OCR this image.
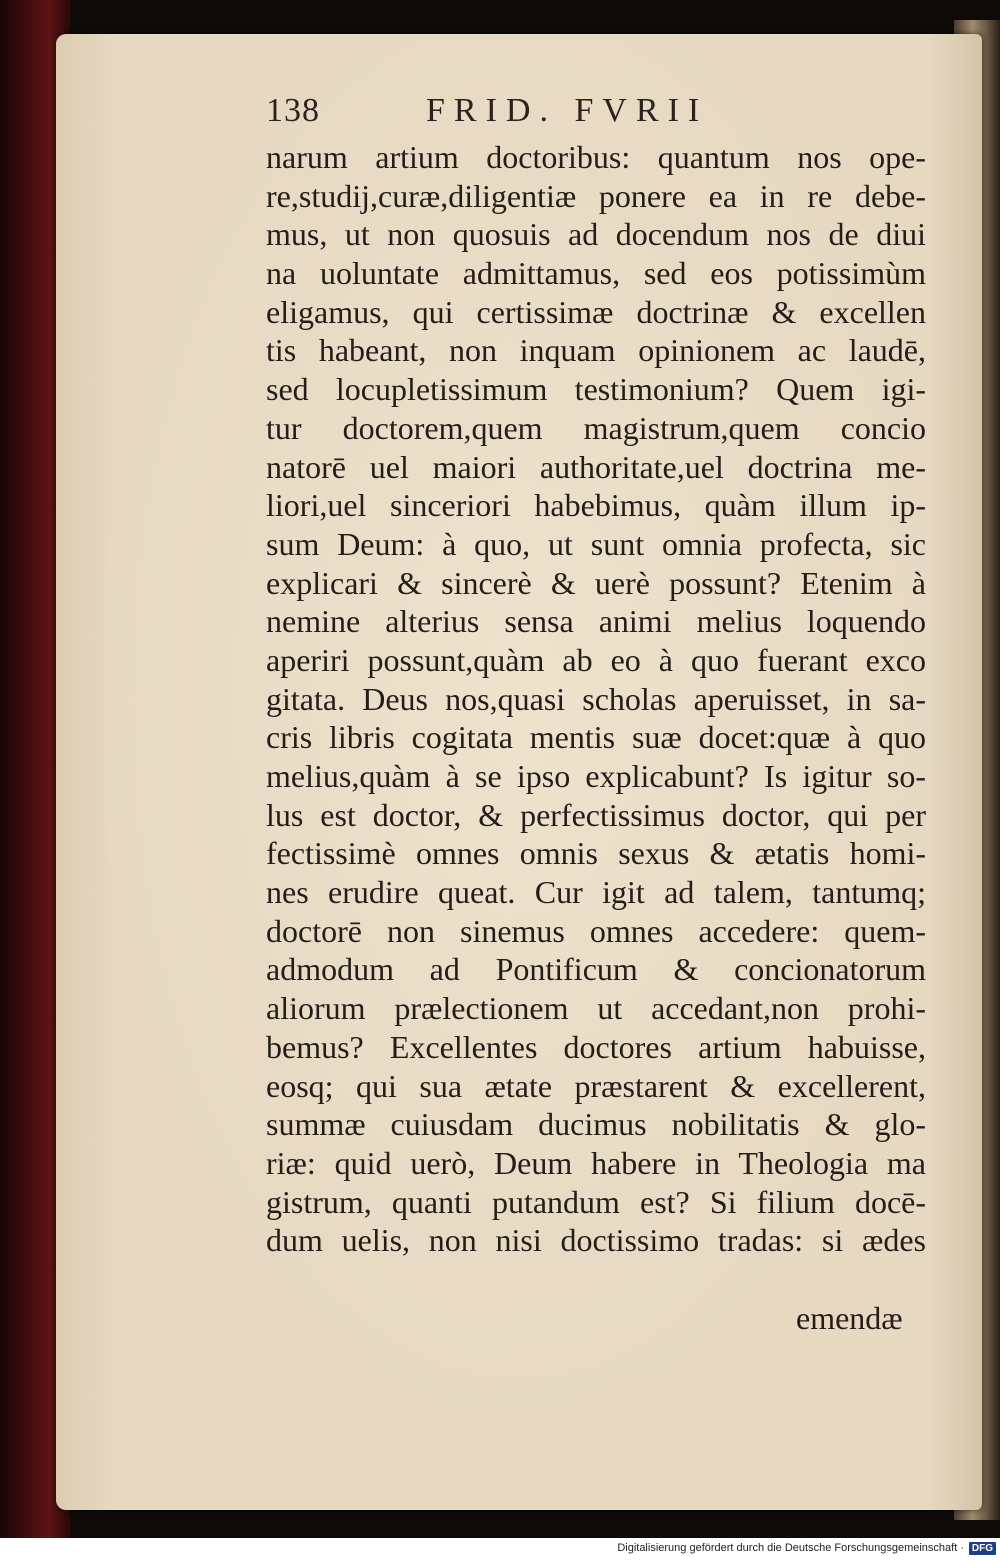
138	FRID. FVRII
narum artium doctoribus: quantum nos ope-
re,studij,curæ,diligentiæ ponere ea in re debe-
mus, ut non quosuis ad docendum nos de diui
na uoluntate admittamus, sed eos potissimùm
eligamus, qui certissimæ doctrinæ & excellen
tis habeant, non inquam opinionem ac laudē,
sed locupletissimum testimonium? Quem igi-
tur doctorem,quem magistrum,quem concio
natorē uel maiori authoritate,uel doctrina me-
liori,uel sinceriori habebimus, quàm illum ip-
sum Deum: à quo, ut sunt omnia profecta, sic
explicari & sincerè & uerè possunt? Etenim à
nemine alterius sensa animi melius loquendo
aperiri possunt,quàm ab eo à quo fuerant exco
gitata. Deus nos,quasi scholas aperuisset, in sa-
cris libris cogitata mentis suæ docet:quæ à quo
melius,quàm à se ipso explicabunt? Is igitur so-
lus est doctor, & perfectissimus doctor, qui per
fectissimè omnes omnis sexus & ætatis homi-
nes erudire queat. Cur igit ad talem, tantumq;
doctorē non sinemus omnes accedere: quem-
admodum ad Pontificum & concionatorum
aliorum prælectionem ut accedant,non prohi-
bemus? Excellentes doctores artium habuisse,
eosq; qui sua ætate præstarent & excellerent,
summæ cuiusdam ducimus nobilitatis & glo-
riæ: quid uerò, Deum habere in Theologia ma
gistrum, quanti putandum est? Si filium docē-
dum uelis, non nisi doctissimo tradas: si ædes
emendæ
Digitalisierung gefördert durch die Deutsche Forschungsgemeinschaft · DFG
